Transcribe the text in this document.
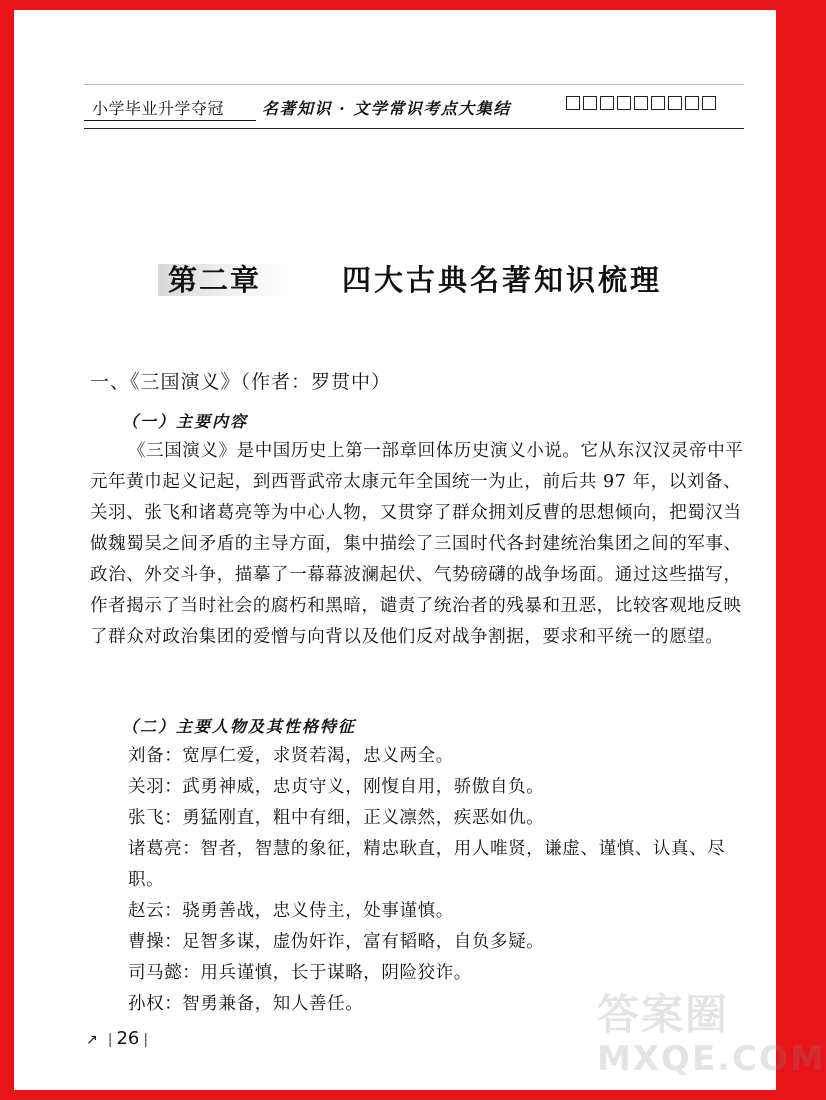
小学毕业升学夺冠 名著知识 · 文学常识考点大集结
第二章	四大古典名著知识梳理
一、《三国演义》（作者：罗贯中）
（一）主要内容
《三国演义》是中国历史上第一部章回体历史演义小说。它从东汉汉灵帝中平元年黄巾起义记起，到西晋武帝太康元年全国统一为止，前后共 97 年，以刘备、关羽、张飞和诸葛亮等为中心人物，又贯穿了群众拥刘反曹的思想倾向，把蜀汉当做魏蜀吴之间矛盾的主导方面，集中描绘了三国时代各封建统治集团之间的军事、政治、外交斗争，描摹了一幕幕波澜起伏、气势磅礴的战争场面。通过这些描写，作者揭示了当时社会的腐朽和黑暗，谴责了统治者的残暴和丑恶，比较客观地反映了群众对政治集团的爱憎与向背以及他们反对战争割据，要求和平统一的愿望。
（二）主要人物及其性格特征
刘备：宽厚仁爱，求贤若渴，忠义两全。
关羽：武勇神威，忠贞守义，刚愎自用，骄傲自负。
张飞：勇猛刚直，粗中有细，正义凛然，疾恶如仇。
诸葛亮：智者，智慧的象征，精忠耿直，用人唯贤，谦虚、谨慎、认真、尽职。
赵云：骁勇善战，忠义侍主，处事谨慎。
曹操：足智多谋，虚伪奸诈，富有韬略，自负多疑。
司马懿：用兵谨慎，长于谋略，阴险狡诈。
孙权：智勇兼备，知人善任。
↗ | 26 |
答案圈
MXQE.COM
